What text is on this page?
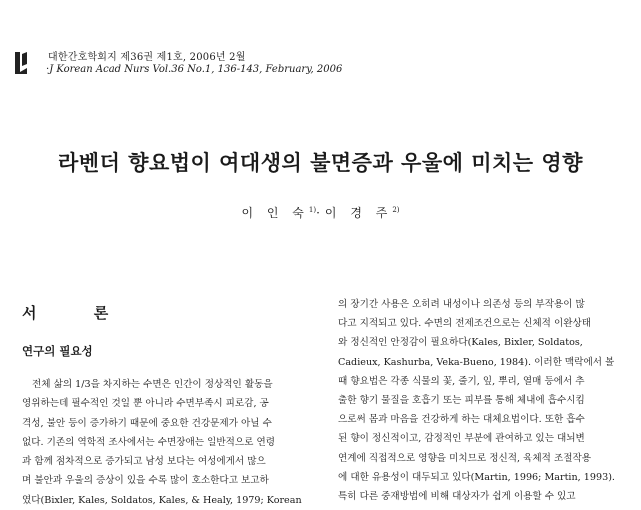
대한간호학회지 제36권 제1호, 2006년 2월
·J Korean Acad Nurs Vol.36 No.1, 136-143, February, 2006
라벤더 향요법이 여대생의 불면증과 우울에 미치는 영향
이 인 숙$^{1)}$·이 경 주$^{2)}$
서 론
연구의 필요성
전체 삶의 1/3을 차지하는 수면은 인간이 정상적인 활동을
영위하는데 필수적인 것일 뿐 아니라 수면부족시 피로감, 공
격성, 불안 등이 증가하기 때문에 중요한 건강문제가 아닐 수
없다. 기존의 역학적 조사에서는 수면장애는 일반적으로 연령
과 함께 점차적으로 증가되고 남성 보다는 여성에게서 많으
며 불안과 우울의 증상이 있을 수록 많이 호소한다고 보고하
였다(Bixler, Kales, Soldatos, Kales, & Healy, 1979; Korean
의 장기간 사용은 오히려 내성이나 의존성 등의 부작용이 많
다고 지적되고 있다. 수면의 전제조건으로는 신체적 이완상태
와 정신적인 안정감이 필요하다(Kales, Bixler, Soldatos,
Cadieux, Kashurba, Veka-Bueno, 1984). 이러한 맥락에서 볼
때 향요법은 각종 식물의 꽃, 줄기, 잎, 뿌리, 열매 등에서 추
출한 향기 물질을 호흡기 또는 피부를 통해 체내에 흡수시킴
으로써 몸과 마음을 건강하게 하는 대체요법이다. 또한 흡수
된 향이 정신적이고, 감정적인 부분에 관여하고 있는 대뇌변
연계에 직접적으로 영향을 미치므로 정신적, 육체적 조절작용
에 대한 유용성이 대두되고 있다(Martin, 1996; Martin, 1993).
특히 다른 중재방법에 비해 대상자가 쉽게 이용할 수 있고
